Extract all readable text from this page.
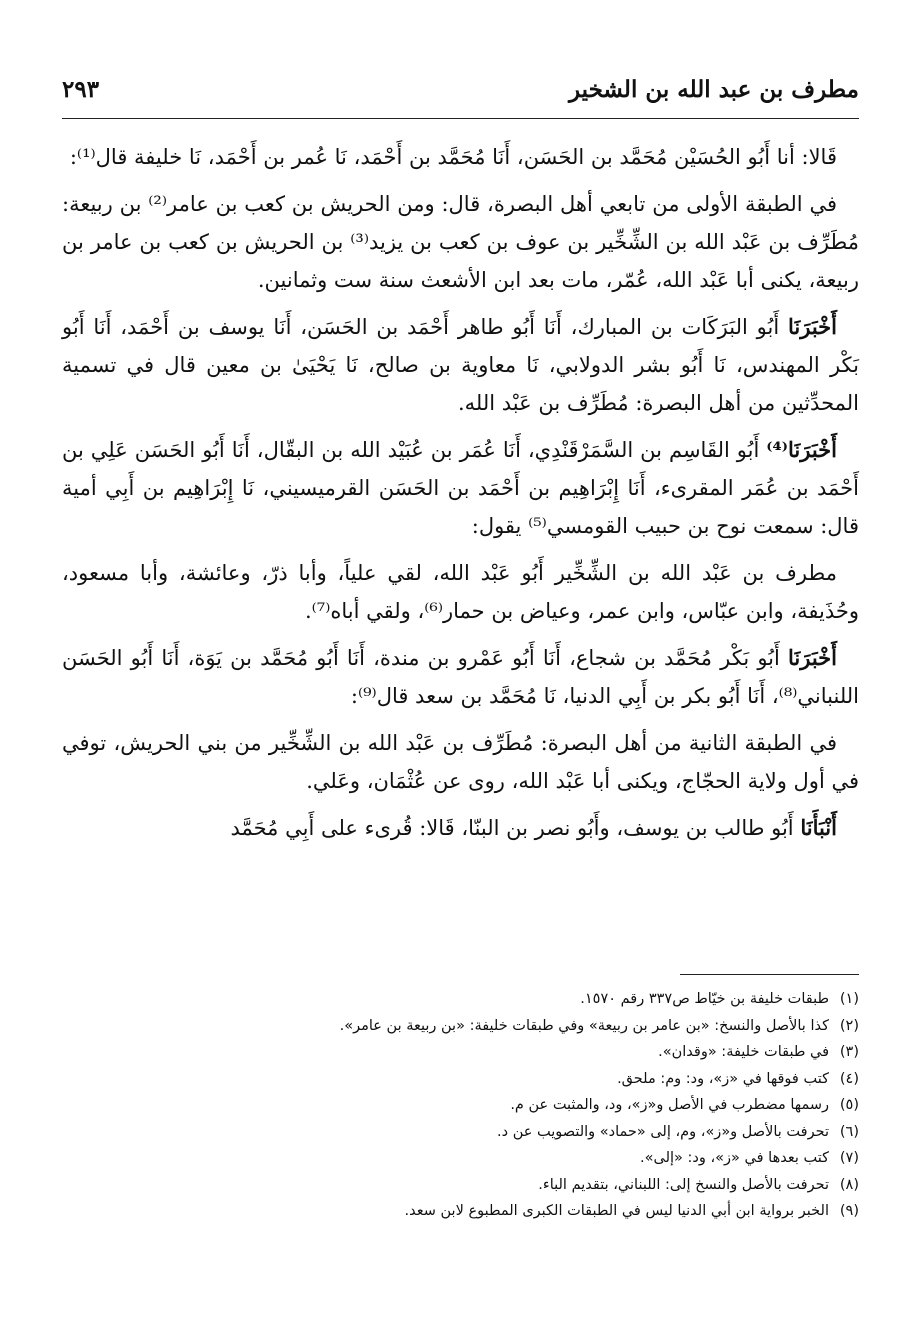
مطرف بن عبد الله بن الشخير
٢٩٣

قَالا: أنا أَبُو الحُسَيْن مُحَمَّد بن الحَسَن، أَنَا مُحَمَّد بن أَحْمَد، نَا عُمر بن أَحْمَد، نَا خليفة قال⁽¹⁾:

في الطبقة الأولى من تابعي أهل البصرة، قال: ومن الحريش بن كعب بن عامر⁽²⁾ بن ربيعة: مُطَرِّف بن عَبْد الله بن الشِّخِّير بن عوف بن كعب بن يزيد⁽³⁾ بن الحريش بن كعب بن عامر بن ربيعة، يكنى أبا عَبْد الله، عُمّر، مات بعد ابن الأشعث سنة ست وثمانين.

أَخْبَرَنَا أَبُو البَرَكَات بن المبارك، أَنَا أَبُو طاهر أَحْمَد بن الحَسَن، أَنَا يوسف بن أَحْمَد، أَنَا أَبُو بَكْر المهندس، نَا أَبُو بشر الدولابي، نَا معاوية بن صالح، نَا يَحْيَىٰ بن معين قال في تسمية المحدِّثين من أهل البصرة: مُطَرِّف بن عَبْد الله.

أَخْبَرَنَا⁽⁴⁾ أَبُو القَاسِم بن السَّمَرْقَنْدِي، أَنَا عُمَر بن عُبَيْد الله بن البقّال، أَنَا أَبُو الحَسَن عَلِي بن أَحْمَد بن عُمَر المقرىء، أَنَا إِبْرَاهِيم بن أَحْمَد بن الحَسَن القرميسيني، نَا إِبْرَاهِيم بن أَبِي أمية قال: سمعت نوح بن حبيب القومسي⁽⁵⁾ يقول:

مطرف بن عَبْد الله بن الشِّخِّير أَبُو عَبْد الله، لقي علياً، وأبا ذرّ، وعائشة، وأبا مسعود، وحُذَيفة، وابن عبّاس، وابن عمر، وعياض بن حمار⁽⁶⁾، ولقي أباه⁽⁷⁾.

أَخْبَرَنَا أَبُو بَكْر مُحَمَّد بن شجاع، أَنَا أَبُو عَمْرو بن مندة، أَنَا أَبُو مُحَمَّد بن يَوَة، أَنَا أَبُو الحَسَن اللنباني⁽⁸⁾، أَنَا أَبُو بكر بن أَبِي الدنيا، نَا مُحَمَّد بن سعد قال⁽⁹⁾:

في الطبقة الثانية من أهل البصرة: مُطَرِّف بن عَبْد الله بن الشِّخِّير من بني الحريش، توفي في أول ولاية الحجّاج، ويكنى أبا عَبْد الله، روى عن عُثْمَان، وعَلي.

أَنْبَأَنَا أَبُو طالب بن يوسف، وأَبُو نصر بن البنّا، قَالا: قُرىء على أَبِي مُحَمَّد

(١)طبقات خليفة بن خيّاط ص٣٣٧ رقم ١٥٧٠.
(٢)كذا بالأصل والنسخ: «بن عامر بن ربيعة» وفي طبقات خليفة: «بن ربيعة بن عامر».
(٣)في طبقات خليفة: «وقدان».
(٤)كتب فوقها في «ز»، ود: وم: ملحق.
(٥)رسمها مضطرب في الأصل و«ز»، ود، والمثبت عن م.
(٦)تحرفت بالأصل و«ز»، وم، إلى «حماد» والتصويب عن د.
(٧)كتب بعدها في «ز»، ود: «إلى».
(٨)تحرفت بالأصل والنسخ إلى: اللبناني، بتقديم الباء.
(٩)الخبر برواية ابن أبي الدنيا ليس في الطبقات الكبرى المطبوع لابن سعد.
